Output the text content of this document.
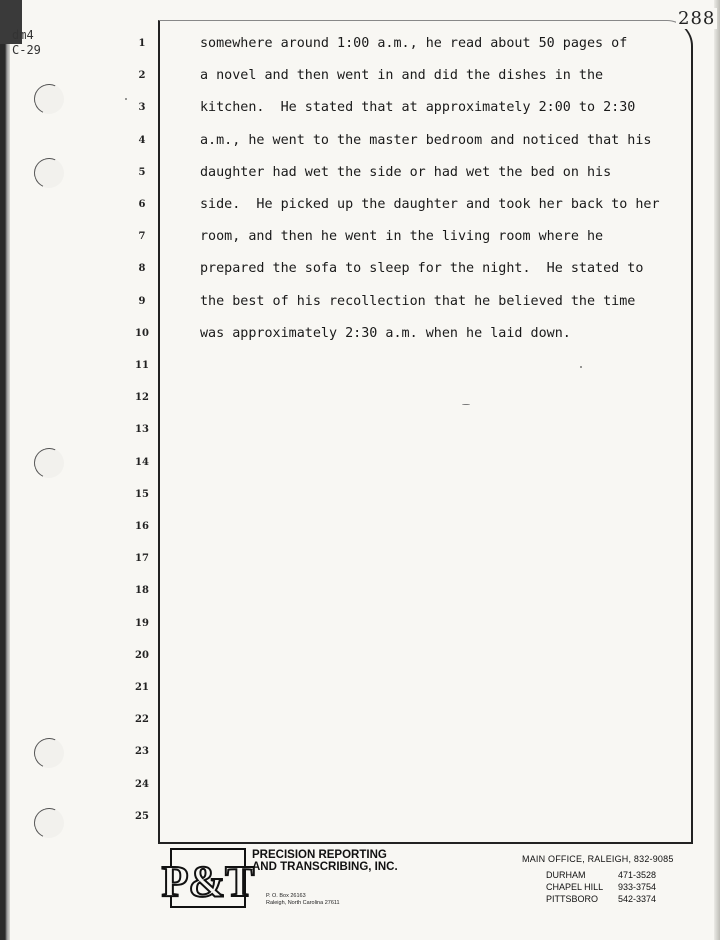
dm4
C-29
288
1
2
3
4
5
6
7
8
9
10
11
12
13
14
15
16
17
18
19
20
21
22
23
24
25
somewhere around 1:00 a.m., he read about 50 pages of
a novel and then went in and did the dishes in the
kitchen.  He stated that at approximately 2:00 to 2:30
a.m., he went to the master bedroom and noticed that his
daughter had wet the side or had wet the bed on his
side.  He picked up the daughter and took her back to her
room, and then he went in the living room where he
prepared the sofa to sleep for the night.  He stated to
the best of his recollection that he believed the time
was approximately 2:30 a.m. when he laid down.
P&T
PRECISION REPORTING
AND TRANSCRIBING, INC.
P. O. Box 26163
Raleigh, North Carolina 27611
MAIN OFFICE, RALEIGH, 832-9085
DURHAM	471-3528
CHAPEL HILL 933-3754
PITTSBORO 542-3374
